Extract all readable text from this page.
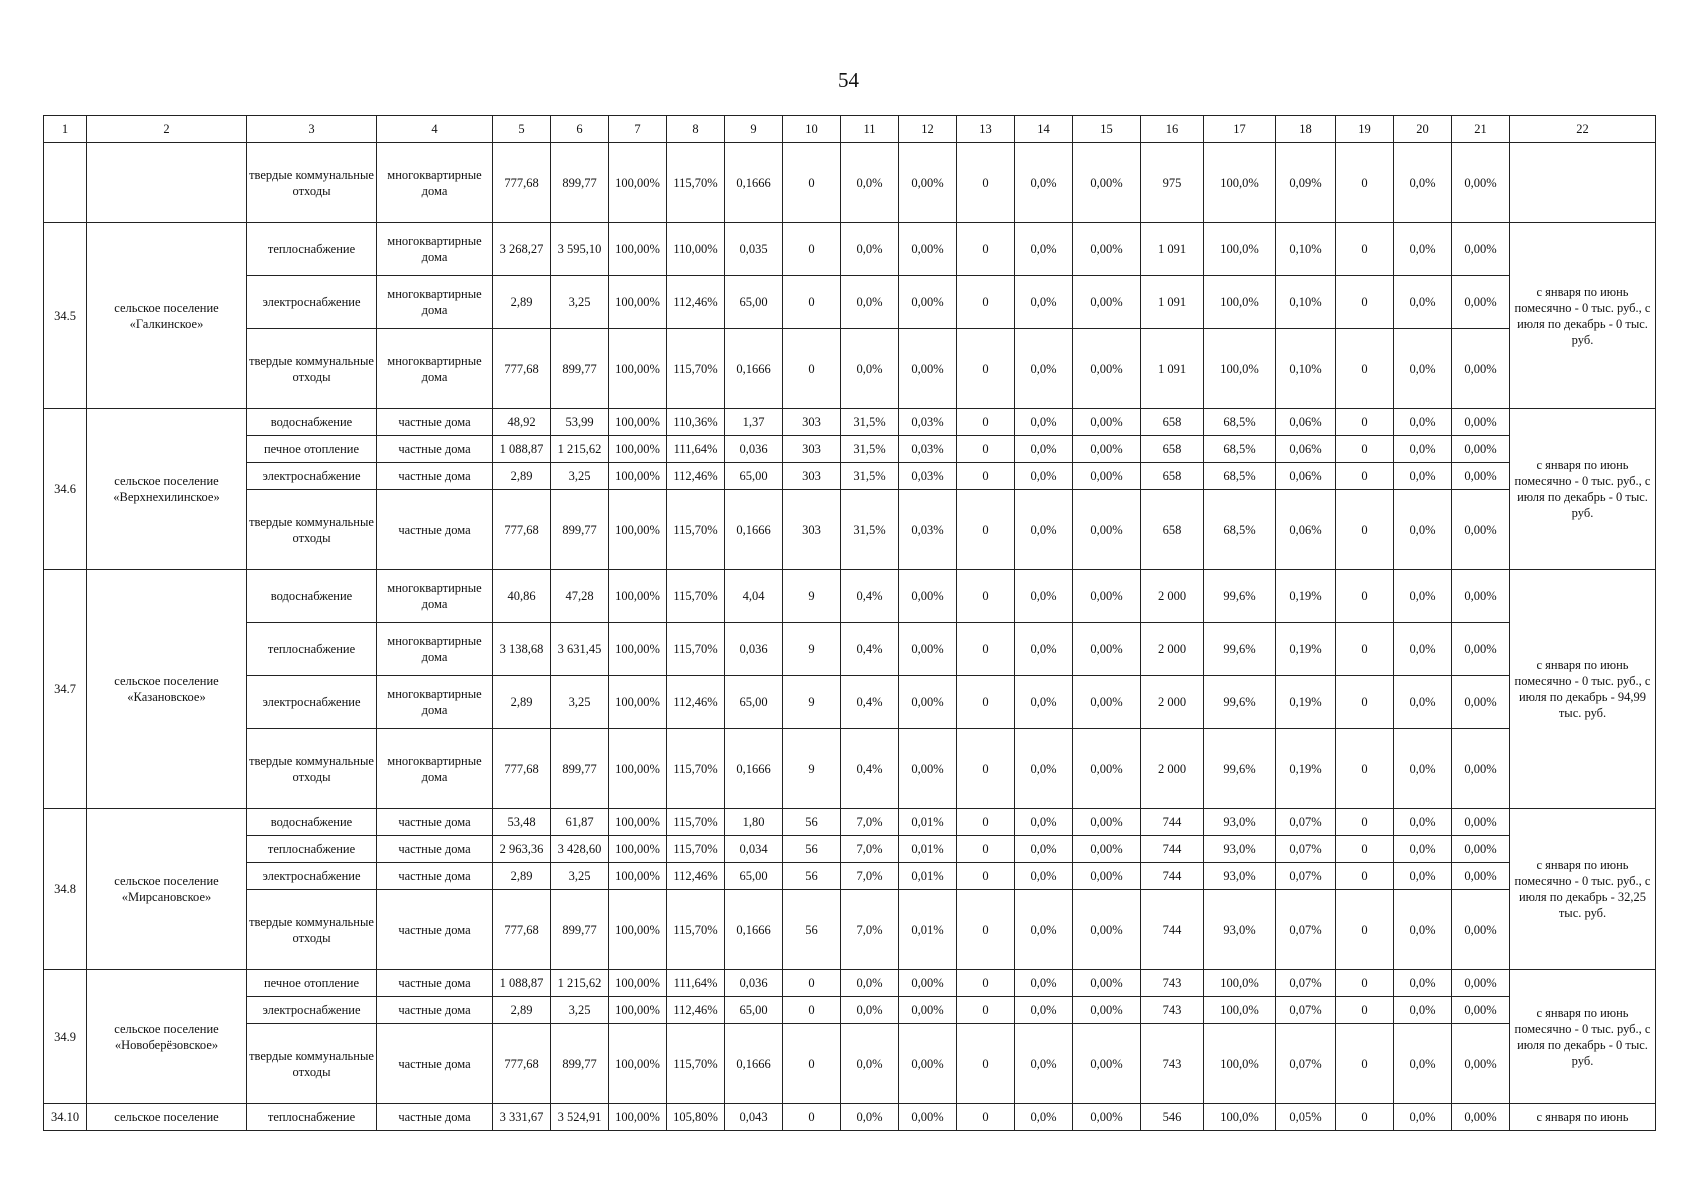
54
1	2	3	4	5	6	7	8	9	10	11	12	13	14	15	16	17	18	19	20	21	22
		твердые коммунальные отходы	многоквартирные дома	777,68	899,77	100,00%	115,70%	0,1666	0	0,0%	0,00%	0	0,0%	0,00%	975	100,0%	0,09%	0	0,0%	0,00%	
34.5	сельское поселение «Галкинское»	теплоснабжение	многоквартирные дома	3 268,27	3 595,10	100,00%	110,00%	0,035	0	0,0%	0,00%	0	0,0%	0,00%	1 091	100,0%	0,10%	0	0,0%	0,00%	с января по июнь помесячно - 0 тыс. руб., с июля по декабрь - 0 тыс. руб.
		электроснабжение	многоквартирные дома	2,89	3,25	100,00%	112,46%	65,00	0	0,0%	0,00%	0	0,0%	0,00%	1 091	100,0%	0,10%	0	0,0%	0,00%	
		твердые коммунальные отходы	многоквартирные дома	777,68	899,77	100,00%	115,70%	0,1666	0	0,0%	0,00%	0	0,0%	0,00%	1 091	100,0%	0,10%	0	0,0%	0,00%	
34.6	сельское поселение «Верхнехилинское»	водоснабжение	частные дома	48,92	53,99	100,00%	110,36%	1,37	303	31,5%	0,03%	0	0,0%	0,00%	658	68,5%	0,06%	0	0,0%	0,00%	с января по июнь помесячно - 0 тыс. руб., с июля по декабрь - 0 тыс. руб.
		печное отопление	частные дома	1 088,87	1 215,62	100,00%	111,64%	0,036	303	31,5%	0,03%	0	0,0%	0,00%	658	68,5%	0,06%	0	0,0%	0,00%	
		электроснабжение	частные дома	2,89	3,25	100,00%	112,46%	65,00	303	31,5%	0,03%	0	0,0%	0,00%	658	68,5%	0,06%	0	0,0%	0,00%	
		твердые коммунальные отходы	частные дома	777,68	899,77	100,00%	115,70%	0,1666	303	31,5%	0,03%	0	0,0%	0,00%	658	68,5%	0,06%	0	0,0%	0,00%	
34.7	сельское поселение «Казановское»	водоснабжение	многоквартирные дома	40,86	47,28	100,00%	115,70%	4,04	9	0,4%	0,00%	0	0,0%	0,00%	2 000	99,6%	0,19%	0	0,0%	0,00%	с января по июнь помесячно - 0 тыс. руб., с июля по декабрь - 94,99 тыс. руб.
		теплоснабжение	многоквартирные дома	3 138,68	3 631,45	100,00%	115,70%	0,036	9	0,4%	0,00%	0	0,0%	0,00%	2 000	99,6%	0,19%	0	0,0%	0,00%	
		электроснабжение	многоквартирные дома	2,89	3,25	100,00%	112,46%	65,00	9	0,4%	0,00%	0	0,0%	0,00%	2 000	99,6%	0,19%	0	0,0%	0,00%	
		твердые коммунальные отходы	многоквартирные дома	777,68	899,77	100,00%	115,70%	0,1666	9	0,4%	0,00%	0	0,0%	0,00%	2 000	99,6%	0,19%	0	0,0%	0,00%	
34.8	сельское поселение «Мирсановское»	водоснабжение	частные дома	53,48	61,87	100,00%	115,70%	1,80	56	7,0%	0,01%	0	0,0%	0,00%	744	93,0%	0,07%	0	0,0%	0,00%	с января по июнь помесячно - 0 тыс. руб., с июля по декабрь - 32,25 тыс. руб.
		теплоснабжение	частные дома	2 963,36	3 428,60	100,00%	115,70%	0,034	56	7,0%	0,01%	0	0,0%	0,00%	744	93,0%	0,07%	0	0,0%	0,00%	
		электроснабжение	частные дома	2,89	3,25	100,00%	112,46%	65,00	56	7,0%	0,01%	0	0,0%	0,00%	744	93,0%	0,07%	0	0,0%	0,00%	
		твердые коммунальные отходы	частные дома	777,68	899,77	100,00%	115,70%	0,1666	56	7,0%	0,01%	0	0,0%	0,00%	744	93,0%	0,07%	0	0,0%	0,00%	
34.9	сельское поселение «Новоберёзовское»	печное отопление	частные дома	1 088,87	1 215,62	100,00%	111,64%	0,036	0	0,0%	0,00%	0	0,0%	0,00%	743	100,0%	0,07%	0	0,0%	0,00%	с января по июнь помесячно - 0 тыс. руб., с июля по декабрь - 0 тыс. руб.
		электроснабжение	частные дома	2,89	3,25	100,00%	112,46%	65,00	0	0,0%	0,00%	0	0,0%	0,00%	743	100,0%	0,07%	0	0,0%	0,00%	
		твердые коммунальные отходы	частные дома	777,68	899,77	100,00%	115,70%	0,1666	0	0,0%	0,00%	0	0,0%	0,00%	743	100,0%	0,07%	0	0,0%	0,00%	
34.10	сельское поселение	теплоснабжение	частные дома	3 331,67	3 524,91	100,00%	105,80%	0,043	0	0,0%	0,00%	0	0,0%	0,00%	546	100,0%	0,05%	0	0,0%	0,00%	с января по июнь
